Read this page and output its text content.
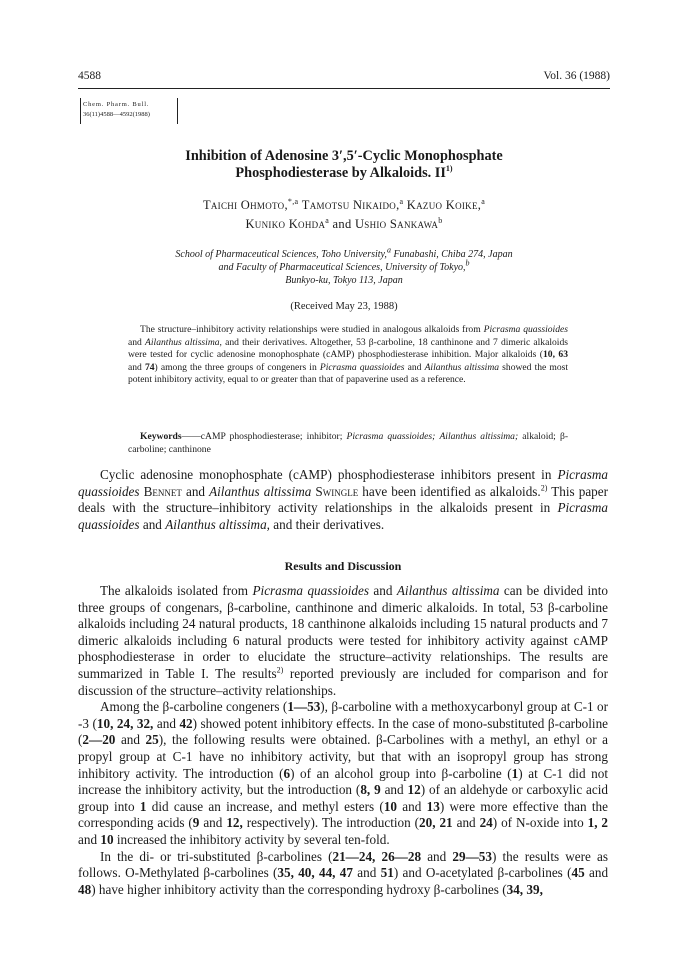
4588	Vol. 36 (1988)
Chem. Pharm. Bull.
36(11)4588—4592(1988)
Inhibition of Adenosine 3′,5′-Cyclic Monophosphate
Phosphodiesterase by Alkaloids. II$^{1)}$
Taichi Ohmoto,$^{*,a}$ Tamotsu Nikaido,$^a$ Kazuo Koike,$^a$
Kuniko Kohda$^a$ and Ushio Sankawa$^b$
School of Pharmaceutical Sciences, Toho University,$^a$ Funabashi, Chiba 274, Japan
and Faculty of Pharmaceutical Sciences, University of Tokyo,$^b$
Bunkyo-ku, Tokyo 113, Japan
(Received May 23, 1988)
The structure–inhibitory activity relationships were studied in analogous alkaloids from Picrasma quassioides and Ailanthus altissima, and their derivatives. Altogether, 53 β-carboline, 18 canthinone and 7 dimeric alkaloids were tested for cyclic adenosine monophosphate (cAMP) phosphodiesterase inhibition. Major alkaloids (10, 63 and 74) among the three groups of congeners in Picrasma quassioides and Ailanthus altissima showed the most potent inhibitory activity, equal to or greater than that of papaverine used as a reference.
Keywords——cAMP phosphodiesterase; inhibitor; Picrasma quassioides; Ailanthus altissima; alkaloid; β-carboline; canthinone

Cyclic adenosine monophosphate (cAMP) phosphodiesterase inhibitors present in Picrasma quassioides Bennet and Ailanthus altissima Swingle have been identified as alkaloids.$^{2)}$ This paper deals with the structure–inhibitory activity relationships in the alkaloids present in Picrasma quassioides and Ailanthus altissima, and their derivatives.

Results and Discussion

The alkaloids isolated from Picrasma quassioides and Ailanthus altissima can be divided into three groups of congenars, β-carboline, canthinone and dimeric alkaloids. In total, 53 β-carboline alkaloids including 24 natural products, 18 canthinone alkaloids including 15 natural products and 7 dimeric alkaloids including 6 natural products were tested for inhibitory activity against cAMP phosphodiesterase in order to elucidate the structure–activity relationships. The results are summarized in Table I. The results$^{2)}$ reported previously are included for comparison and for discussion of the structure–activity relationships.

Among the β-carboline congeners (1—53), β-carboline with a methoxycarbonyl group at C-1 or -3 (10, 24, 32, and 42) showed potent inhibitory effects. In the case of mono-substituted β-carboline (2—20 and 25), the following results were obtained. β-Carbolines with a methyl, an ethyl or a propyl group at C-1 have no inhibitory activity, but that with an isopropyl group has strong inhibitory activity. The introduction (6) of an alcohol group into β-carboline (1) at C-1 did not increase the inhibitory activity, but the introduction (8, 9 and 12) of an aldehyde or carboxylic acid group into 1 did cause an increase, and methyl esters (10 and 13) were more effective than the corresponding acids (9 and 12, respectively). The introduction (20, 21 and 24) of N-oxide into 1, 2 and 10 increased the inhibitory activity by several ten-fold.

In the di- or tri-substituted β-carbolines (21—24, 26—28 and 29—53) the results were as follows. O-Methylated β-carbolines (35, 40, 44, 47 and 51) and O-acetylated β-carbolines (45 and 48) have higher inhibitory activity than the corresponding hydroxy β-carbolines (34, 39,
